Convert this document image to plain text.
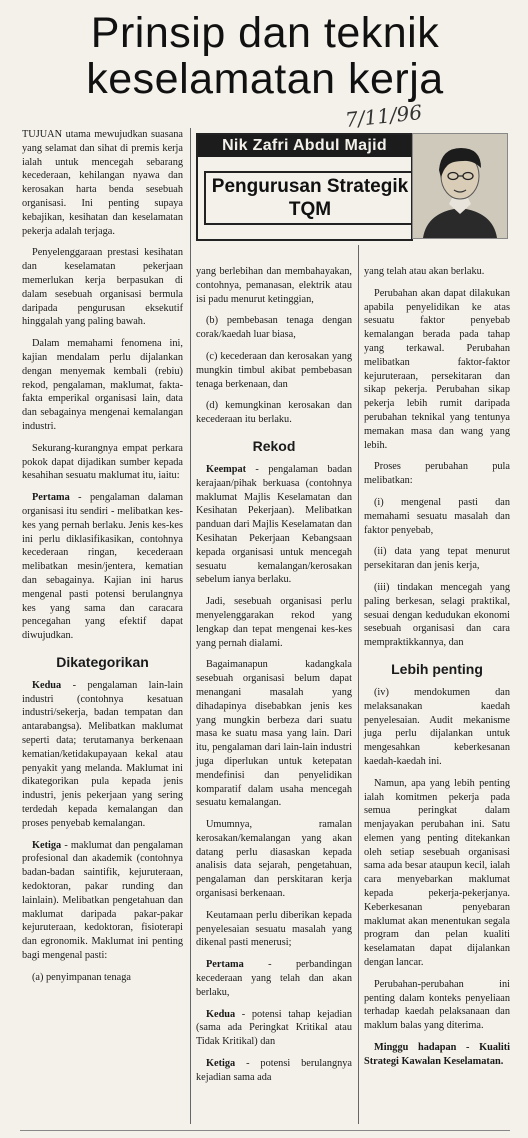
Prinsip dan teknik keselamatan kerja
7/11/96
Nik Zafri Abdul Majid
Pengurusan Strategik TQM

TUJUAN utama mewujudkan suasana yang selamat dan sihat di premis kerja ialah untuk mencegah sebarang kecederaan, kehilangan nyawa dan kerosakan harta benda sesebuah organisasi. Ini penting supaya kebajikan, kesihatan dan keselamatan pekerja adalah terjaga.

Penyelenggaraan prestasi kesihatan dan keselamatan pekerjaan memerlukan kerja berpasukan di dalam sesebuah organisasi bermula daripada pengurusan eksekutif hinggalah yang paling bawah.

Dalam memahami fenomena ini, kajian mendalam perlu dijalankan dengan menyemak kembali (rebiu) rekod, pengalaman, maklumat, fakta-fakta emperikal organisasi lain, data dan sebagainya mengenai kemalangan industri.

Sekurang-kurangnya empat perkara pokok dapat dijadikan sumber kepada kesahihan sesuatu maklumat itu, iaitu:

Pertama - pengalaman dalaman organisasi itu sendiri - melibatkan kes-kes yang pernah berlaku. Jenis kes-kes ini perlu diklasifikasikan, contohnya kecederaan ringan, kecederaan melibatkan mesin/jentera, kematian dan sebagainya. Kajian ini harus mengenal pasti potensi berulangnya kes yang sama dan caracara pencegahan yang efektif dapat diwujudkan.

Dikategorikan

Kedua - pengalaman lain-lain industri (contohnya kesatuan industri/sekerja, badan tempatan dan antarabangsa). Melibatkan maklumat seperti data; terutamanya berkenaan kematian/ketidakupayaan kekal atau penyakit yang melanda. Maklumat ini dikategorikan pula kepada jenis industri, jenis pekerjaan yang sering terdedah kepada kemalangan dan proses penyebab kemalangan.

Ketiga - maklumat dan pengalaman profesional dan akademik (contohnya badan-badan saintifik, kejuruteraan, kedoktoran, pakar runding dan lainlain). Melibatkan pengetahuan dan maklumat daripada pakar-pakar kejuruteraan, kedoktoran, fisioterapi dan egronomik. Maklumat ini penting bagi mengenal pasti:

(a) penyimpanan tenaga

yang berlebihan dan membahayakan, contohnya, pemanasan, elektrik atau isi padu menurut ketinggian,

(b) pembebasan tenaga dengan corak/kaedah luar biasa,

(c) kecederaan dan kerosakan yang mungkin timbul akibat pembebasan tenaga berkenaan, dan

(d) kemungkinan kerosakan dan kecederaan itu berlaku.

Rekod

Keempat - pengalaman badan kerajaan/pihak berkuasa (contohnya maklumat Majlis Keselamatan dan Kesihatan Pekerjaan). Melibatkan panduan dari Majlis Keselamatan dan Kesihatan Pekerjaan Kebangsaan kepada organisasi untuk mencegah sesuatu kemalangan/kerosakan sebelum ianya berlaku.

Jadi, sesebuah organisasi perlu menyelenggarakan rekod yang lengkap dan tepat mengenai kes-kes yang pernah dialami.

Bagaimanapun kadangkala sesebuah organisasi belum dapat menangani masalah yang dihadapinya disebabkan jenis kes yang mungkin berbeza dari suatu masa ke suatu masa yang lain. Dari itu, pengalaman dari lain-lain industri juga diperlukan untuk ketepatan mendefinisi dan penyelidikan komparatif dalam usaha mencegah sesuatu kemalangan.

Umumnya, ramalan kerosakan/kemalangan yang akan datang perlu diasaskan kepada analisis data sejarah, pengetahuan, pengalaman dan perskitaran kerja organisasi berkenaan.

Keutamaan perlu diberikan kepada penyelesaian sesuatu masalah yang dikenal pasti menerusi;

Pertama - perbandingan kecederaan yang telah dan akan berlaku,

Kedua - potensi tahap kejadian (sama ada Peringkat Kritikal atau Tidak Kritikal) dan

Ketiga - potensi berulangnya kejadian sama ada

yang telah atau akan berlaku.

Perubahan akan dapat dilakukan apabila penyelidikan ke atas sesuatu faktor penyebab kemalangan berada pada tahap yang terkawal. Perubahan melibatkan faktor-faktor kejuruteraan, persekitaran dan sikap pekerja. Perubahan sikap pekerja lebih rumit daripada perubahan teknikal yang tentunya memakan masa dan wang yang lebih.

Proses perubahan pula melibatkan:

(i) mengenal pasti dan memahami sesuatu masalah dan faktor penyebab,

(ii) data yang tepat menurut persekitaran dan jenis kerja,

(iii) tindakan mencegah yang paling berkesan, selagi praktikal, sesuai dengan kedudukan ekonomi sesebuah organisasi dan cara mempraktikkannya, dan

Lebih penting

(iv) mendokumen dan melaksanakan kaedah penyelesaian. Audit mekanisme juga perlu dijalankan untuk mengesahkan keberkesanan kaedah-kaedah ini.

Namun, apa yang lebih penting ialah komitmen pekerja pada semua peringkat dalam menjayakan perubahan ini. Satu elemen yang penting ditekankan oleh setiap sesebuah organisasi sama ada besar ataupun kecil, ialah cara menyebarkan maklumat kepada pekerja-pekerjanya. Keberkesanan penyebaran maklumat akan menentukan segala program dan pelan kualiti keselamatan dapat dijalankan dengan lancar.

Perubahan-perubahan ini penting dalam konteks penyeliaan terhadap kaedah pelaksanaan dan maklum balas yang diterima.

Minggu hadapan - Kualiti Strategi Kawalan Keselamatan.
